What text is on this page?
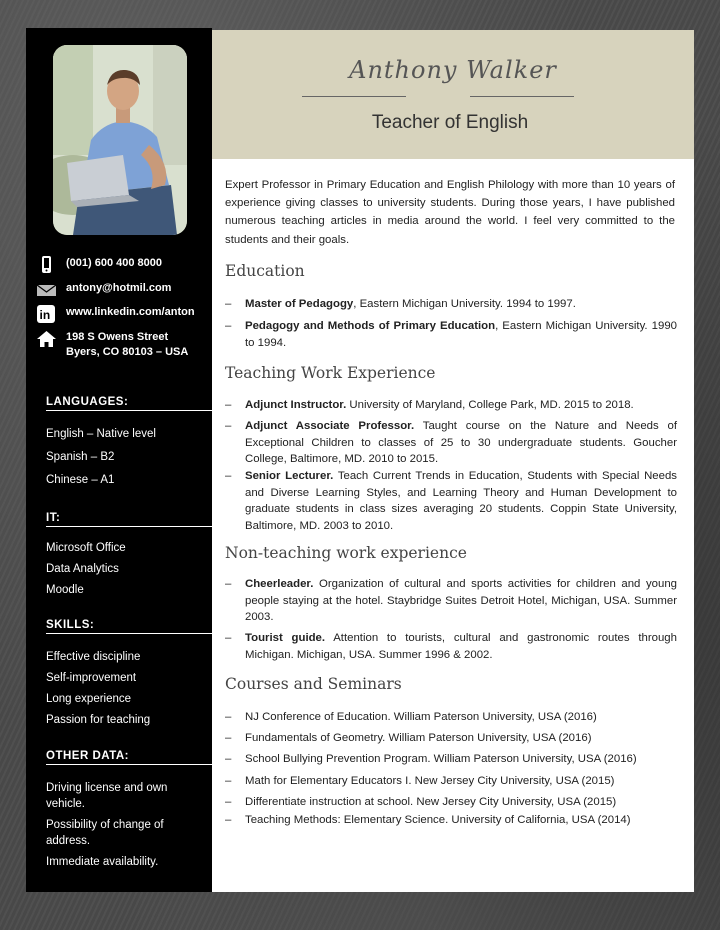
(001) 600 400 8000
antony@hotmil.com
in www.linkedin.com/anton
198 S Owens Street
Byers, CO 80103 – USA
LANGUAGES:
English – Native level
Spanish – B2
Chinese – A1
IT:
Microsoft Office
Data Analytics
Moodle
SKILLS:
Effective discipline
Self-improvement
Long experience
Passion for teaching
OTHER DATA:
Driving license and own vehicle.
Possibility of change of address.
Immediate availability.
Anthony Walker
Teacher of English
Expert Professor in Primary Education and English Philology with more than 10 years of experience giving classes to university students. During those years, I have published numerous teaching articles in media around the world. I feel very committed to the students and their goals.
Education
– Master of Pedagogy, Eastern Michigan University. 1994 to 1997.
– Pedagogy and Methods of Primary Education, Eastern Michigan University. 1990 to 1994.
Teaching Work Experience
– Adjunct Instructor. University of Maryland, College Park, MD. 2015 to 2018.
– Adjunct Associate Professor. Taught course on the Nature and Needs of Exceptional Children to classes of 25 to 30 undergraduate students. Goucher College, Baltimore, MD. 2010 to 2015.
– Senior Lecturer. Teach Current Trends in Education, Students with Special Needs and Diverse Learning Styles, and Learning Theory and Human Development to graduate students in class sizes averaging 20 students. Coppin State University, Baltimore, MD. 2003 to 2010.
Non-teaching work experience
– Cheerleader. Organization of cultural and sports activities for children and young people staying at the hotel. Staybridge Suites Detroit Hotel, Michigan, USA. Summer 2003.
– Tourist guide. Attention to tourists, cultural and gastronomic routes through Michigan. Michigan, USA. Summer 1996 & 2002.
Courses and Seminars
– NJ Conference of Education. William Paterson University, USA (2016)
– Fundamentals of Geometry. William Paterson University, USA (2016)
– School Bullying Prevention Program. William Paterson University, USA (2016)
– Math for Elementary Educators I. New Jersey City University, USA (2015)
– Differentiate instruction at school. New Jersey City University, USA (2015)
– Teaching Methods: Elementary Science. University of California, USA (2014)
